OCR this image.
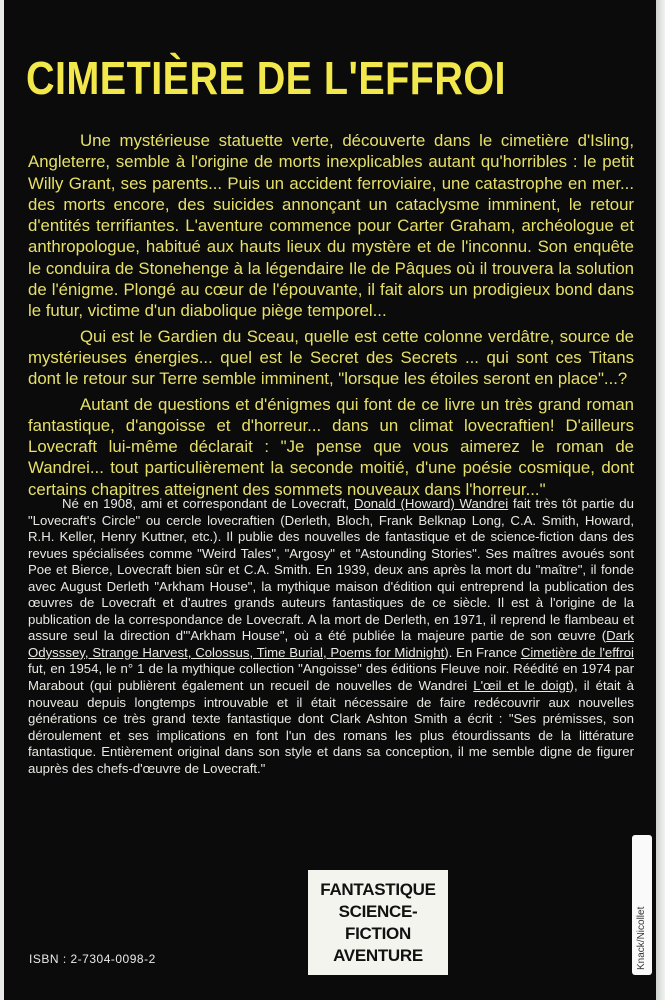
CIMETIÈRE DE L'EFFROI

Une mystérieuse statuette verte, découverte dans le cimetière d'Isling, Angleterre, semble à l'origine de morts inexplicables autant qu'horribles : le petit Willy Grant, ses parents... Puis un accident ferroviaire, une catastrophe en mer... des morts encore, des suicides annonçant un cataclysme imminent, le retour d'entités terrifiantes. L'aventure commence pour Carter Graham, archéologue et anthropologue, habitué aux hauts lieux du mystère et de l'inconnu. Son enquête le conduira de Stonehenge à la légendaire Ile de Pâques où il trouvera la solution de l'énigme. Plongé au cœur de l'épouvante, il fait alors un prodigieux bond dans le futur, victime d'un diabolique piège temporel...

Qui est le Gardien du Sceau, quelle est cette colonne verdâtre, source de mystérieuses énergies... quel est le Secret des Secrets ... qui sont ces Titans dont le retour sur Terre semble imminent, "lorsque les étoiles seront en place"...?

Autant de questions et d'énigmes qui font de ce livre un très grand roman fantastique, d'angoisse et d'horreur... dans un climat lovecraftien! D'ailleurs Lovecraft lui-même déclarait : "Je pense que vous aimerez le roman de Wandrei... tout particulièrement la seconde moitié, d'une poésie cosmique, dont certains chapitres atteignent des sommets nouveaux dans l'horreur..."

Né en 1908, ami et correspondant de Lovecraft, Donald (Howard) Wandrei fait très tôt partie du "Lovecraft's Circle" ou cercle lovecraftien (Derleth, Bloch, Frank Belknap Long, C.A. Smith, Howard, R.H. Keller, Henry Kuttner, etc.). Il publie des nouvelles de fantastique et de science-fiction dans des revues spécialisées comme "Weird Tales", "Argosy" et "Astounding Stories". Ses maîtres avoués sont Poe et Bierce, Lovecraft bien sûr et C.A. Smith. En 1939, deux ans après la mort du "maître", il fonde avec August Derleth "Arkham House", la mythique maison d'édition qui entreprend la publication des œuvres de Lovecraft et d'autres grands auteurs fantastiques de ce siècle. Il est à l'origine de la publication de la correspondance de Lovecraft. A la mort de Derleth, en 1971, il reprend le flambeau et assure seul la direction d'"Arkham House", où a été publiée la majeure partie de son œuvre (Dark Odysssey, Strange Harvest, Colossus, Time Burial, Poems for Midnight). En France Cimetière de l'effroi fut, en 1954, le n° 1 de la mythique collection "Angoisse" des éditions Fleuve noir. Réédité en 1974 par Marabout (qui publièrent également un recueil de nouvelles de Wandrei L'œil et le doigt), il était à nouveau depuis longtemps introuvable et il était nécessaire de faire redécouvrir aux nouvelles générations ce très grand texte fantastique dont Clark Ashton Smith a écrit : "Ses prémisses, son déroulement et ses implications en font l'un des romans les plus étourdissants de la littérature fantastique. Entièrement original dans son style et dans sa conception, il me semble digne de figurer auprès des chefs-d'œuvre de Lovecraft."

FANTASTIQUE
SCIENCE-FICTION
AVENTURE
ISBN : 2-7304-0098-2	Knack/Nicollet
